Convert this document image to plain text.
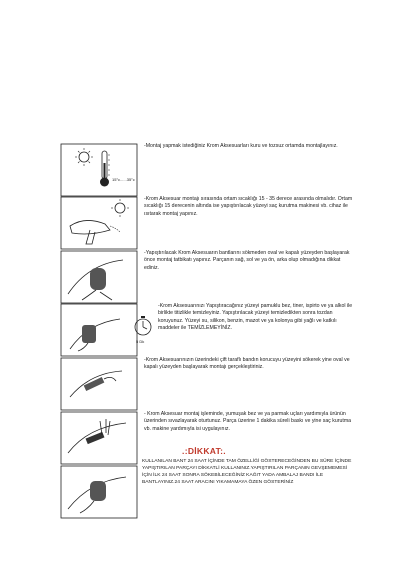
15°c......35°c
-Montaj yapmak istediğiniz Krom Aksesuarları kuru ve tozsuz ortamda montajlayınız.
-Krom Aksesuar montajı sırasında ortam sıcaklığı 15 - 35 derece arasında olmalıdır. Ortam sıcaklığı 15 derecenin altında ise yapıştırılacak yüzeyi saç kurutma makinesi vb. cihaz ile ısıtarak montaj yapınız.
-Yapıştırılacak Krom Aksesuarın bantlarını sökmeden oval ve kapalı yüzeyden başlayarak önce montaj tatbikatı yapınız. Parçanın sağ, sol ve ya ön, arka olup olmadığına dikkat ediniz.
5 Dk
-Krom Aksesuarınızı Yapıştıracağınız yüzeyi pamuklu bez, tiner, ispirto ve ya alkol ile birlikte titizlikle temizleyiniz. Yapıştırılacak yüzeyi temizledikten sonra tozdan koruyunuz. Yüzeyi su, silikon, benzin, mazot ve ya kolonya gibi yağlı ve katkılı maddeler ile TEMİZLEMEYİNİZ.
-Krom Aksesuarınızın üzerindeki çift taraflı bandın korucuyu yüzeyini sökerek yine oval ve kapalı yüzeyden başlayarak montajı gerçekleştiriniz.
- Krom Aksesuar montaj işleminde, yumuşak bez ve ya parmak uçları yardımıyla ürünün üzerinden sıvazlayarak oturtunuz. Parça üzerine 1 dakika süreli baskı ve yine saç kurutma vb. makine yardımıyla isi uygulayınız.
.:DİKKAT:.
KULLANILAN BANT 24 SAAT İÇİNDE TAM ÖZELLİĞİ GÖSTERECEĞİNDEN BU SÜRE İÇİNDE YAPIŞTIRILAN PARÇAYI DİKKATLİ KULLANINIZ.YAPIŞTIRILAN PARÇANIN GEVŞEMEMESİ İÇİN İLK 24 SAAT SONRA SÖKEBİLECEĞİNİZ KAĞIT YADA AMBALAJ BANDI İLE BANTLAYINIZ.24 SAAT ARACINI YIKAMAMAYA ÖZEN GÖSTERİNİZ
